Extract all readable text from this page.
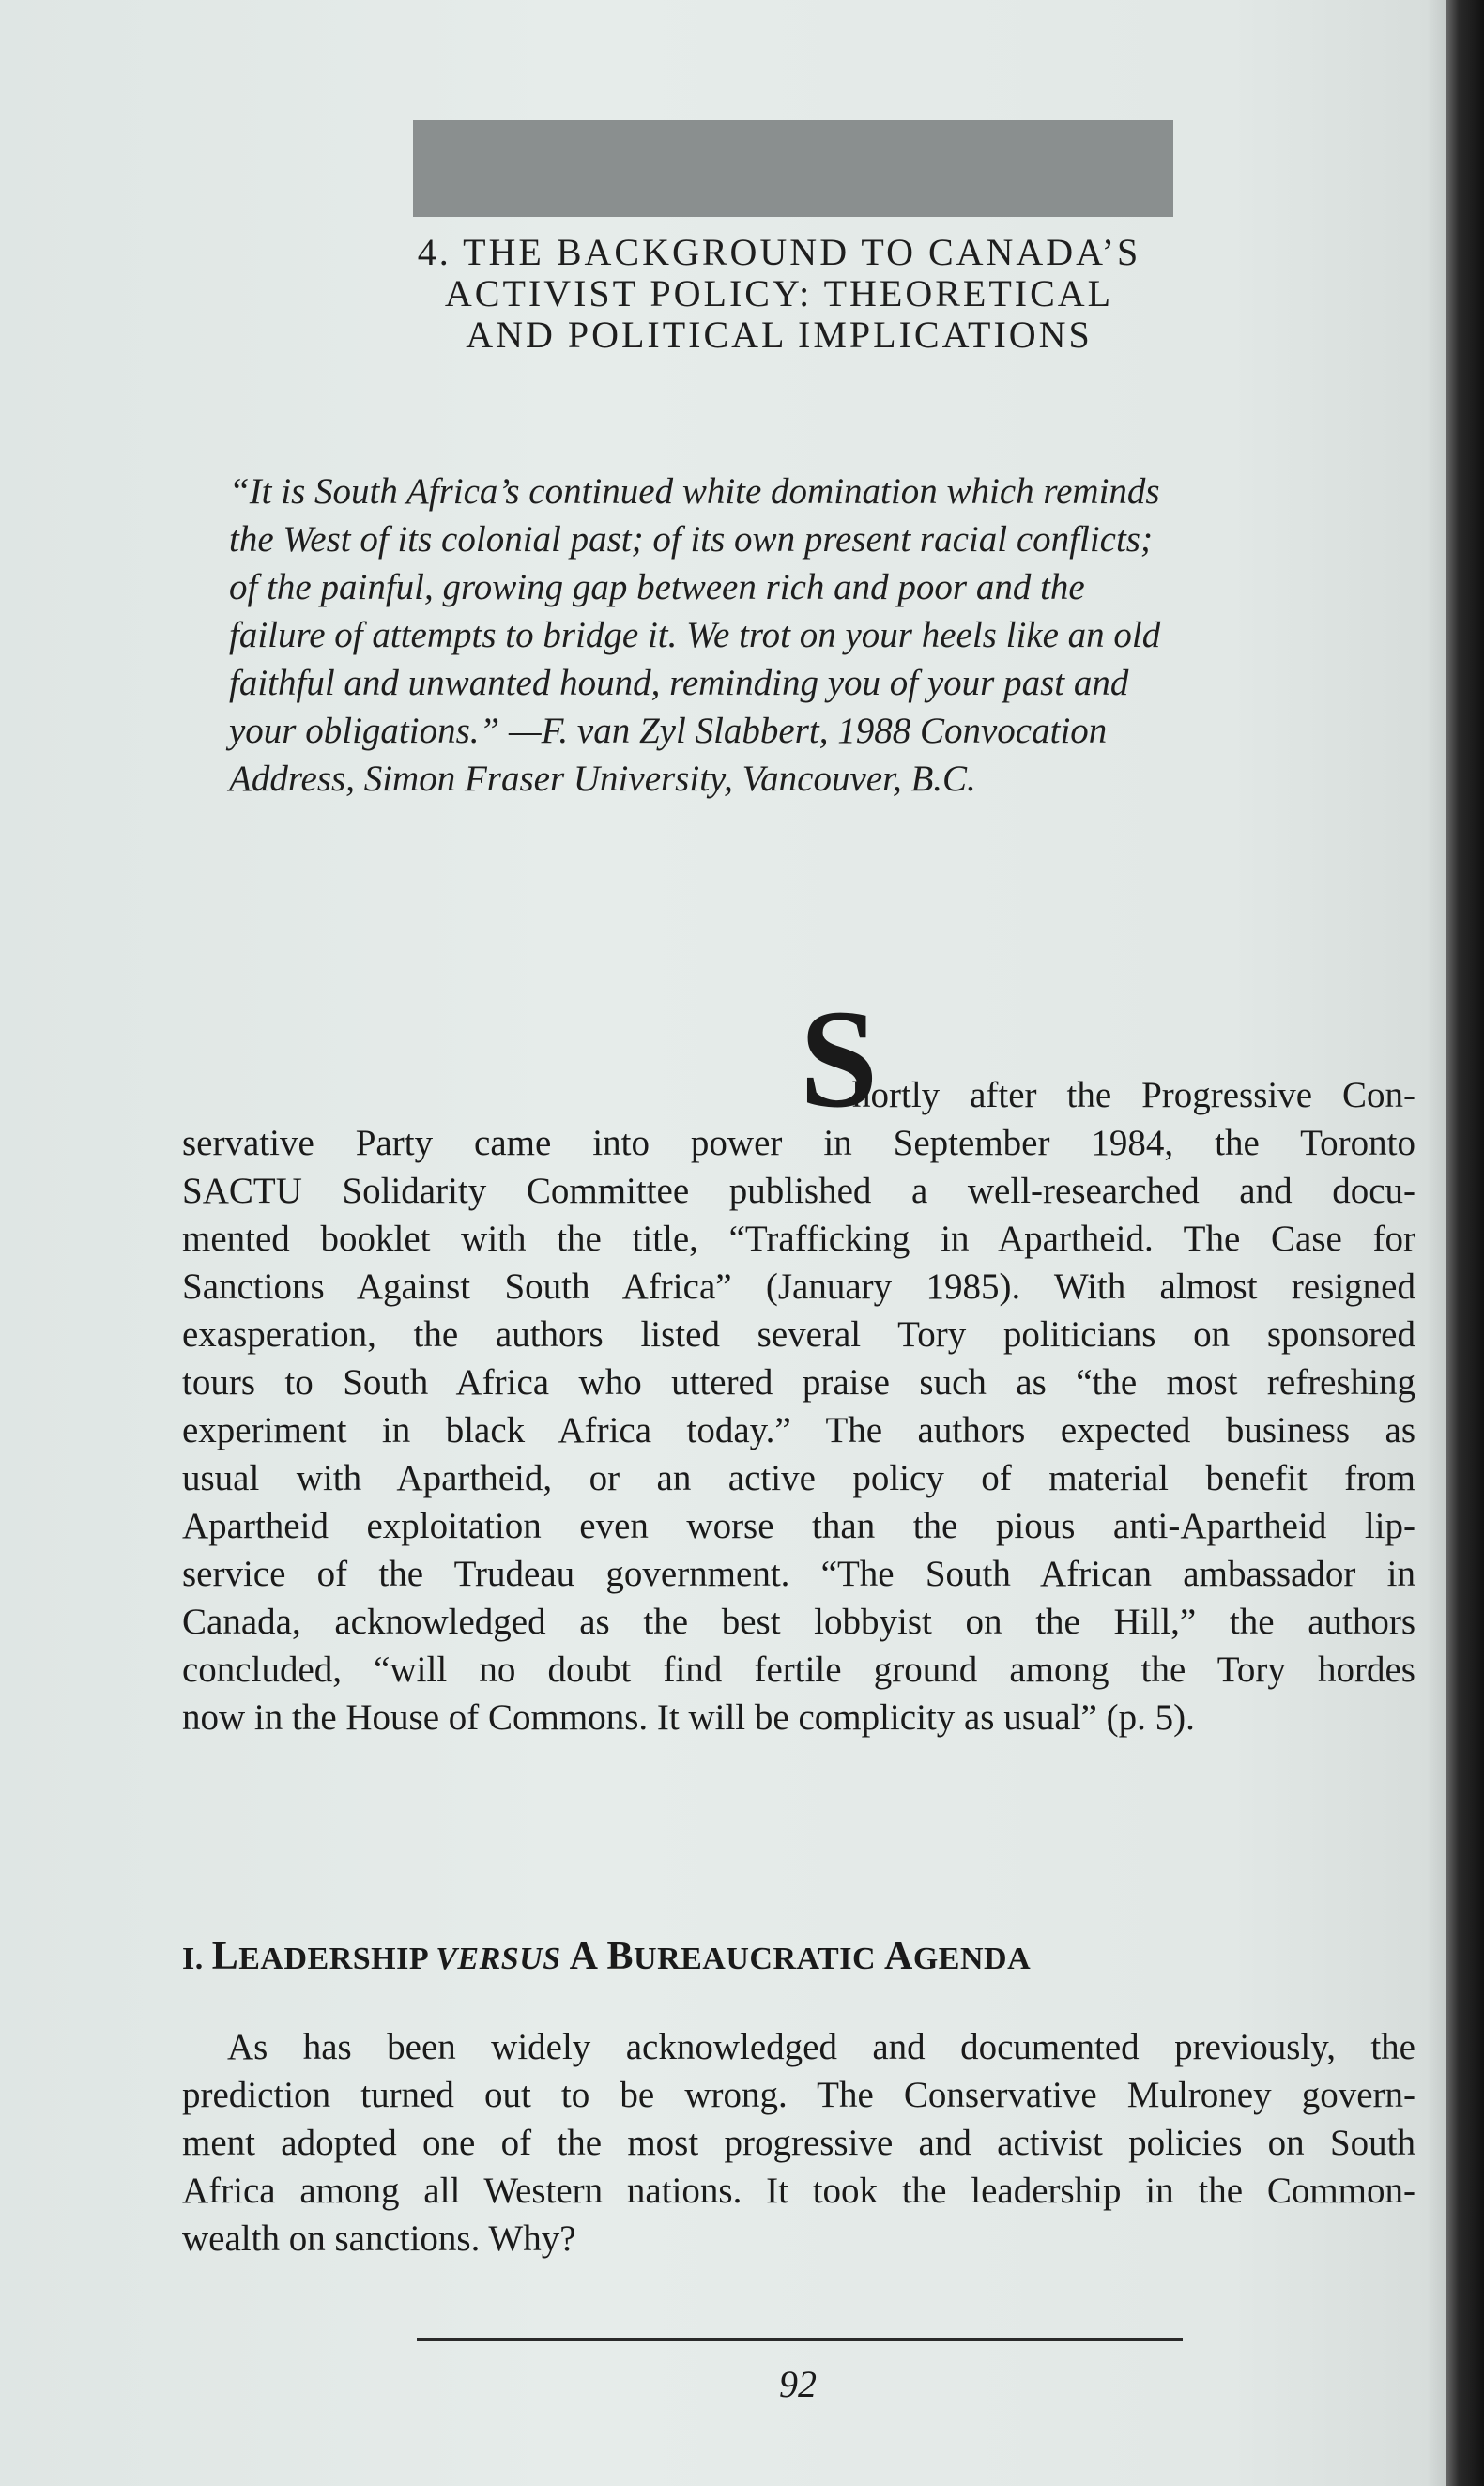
4. THE BACKGROUND TO CANADA’S
ACTIVIST POLICY: THEORETICAL
AND POLITICAL IMPLICATIONS
“It is South Africa’s continued white domination which reminds
the West of its colonial past; of its own present racial conflicts;
of the painful, growing gap between rich and poor and the
failure of attempts to bridge it. We trot on your heels like an old
faithful and unwanted hound, reminding you of your past and
your obligations.” —F. van Zyl Slabbert, 1988 Convocation
Address, Simon Fraser University, Vancouver, B.C.
S
hortly after the Progressive Con-
servative Party came into power in September 1984, the Toronto
SACTU Solidarity Committee published a well-researched and docu-
mented booklet with the title, “Trafficking in Apartheid. The Case for
Sanctions Against South Africa” (January 1985). With almost resigned
exasperation, the authors listed several Tory politicians on sponsored
tours to South Africa who uttered praise such as “the most refreshing
experiment in black Africa today.” The authors expected business as
usual with Apartheid, or an active policy of material benefit from
Apartheid exploitation even worse than the pious anti-Apartheid lip-
service of the Trudeau government. “The South African ambassador in
Canada, acknowledged as the best lobbyist on the Hill,” the authors
concluded, “will no doubt find fertile ground among the Tory hordes
now in the House of Commons. It will be complicity as usual” (p. 5).
I. LEADERSHIP VERSUS A BUREAUCRATIC AGENDA
As has been widely acknowledged and documented previously, the
prediction turned out to be wrong. The Conservative Mulroney govern-
ment adopted one of the most progressive and activist policies on South
Africa among all Western nations. It took the leadership in the Common-
wealth on sanctions. Why?
92
